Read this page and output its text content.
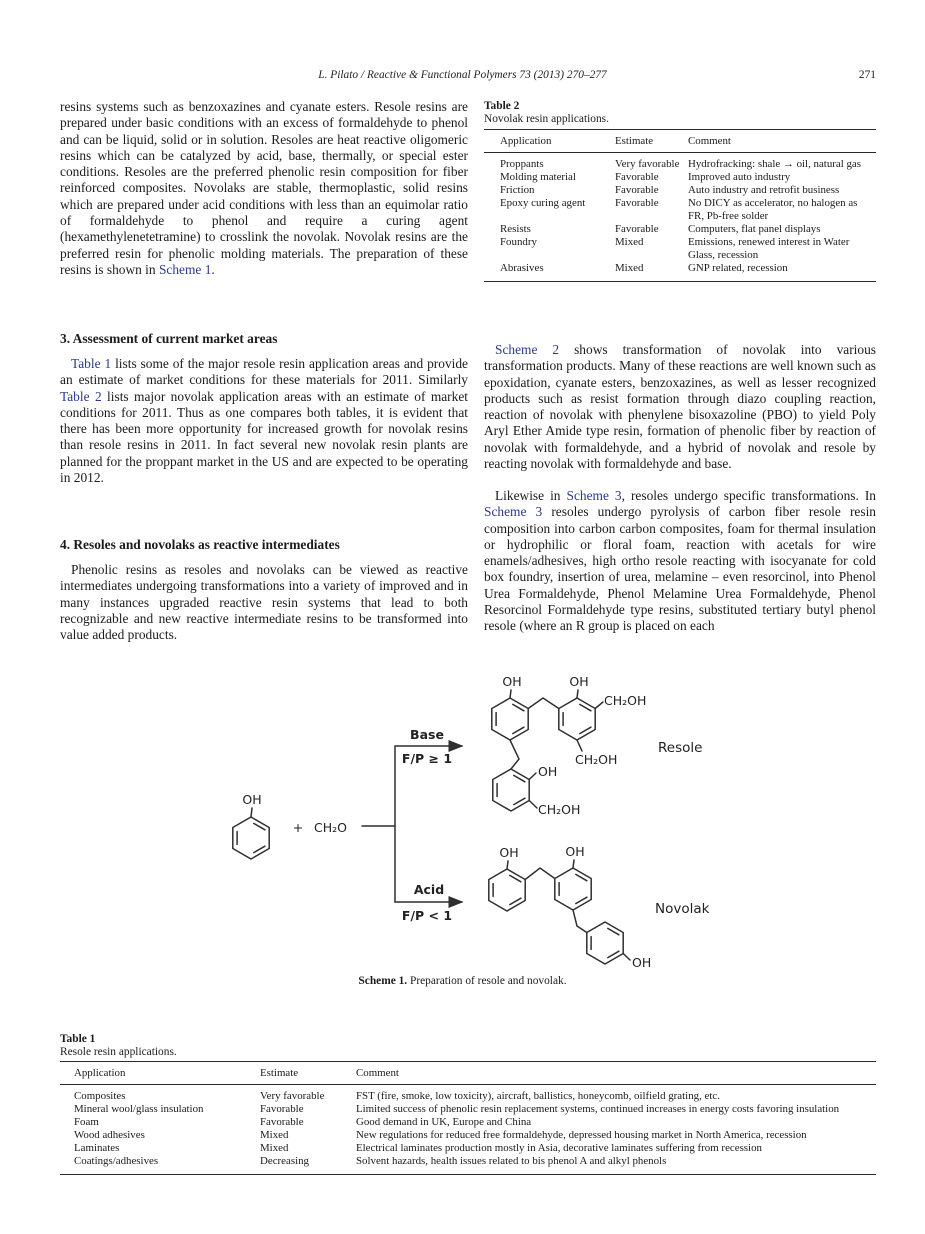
L. Pilato / Reactive & Functional Polymers 73 (2013) 270–277	271

resins systems such as benzoxazines and cyanate esters. Resole resins are prepared under basic conditions with an excess of formaldehyde to phenol and can be liquid, solid or in solution. Resoles are heat reactive oligomeric resins which can be catalyzed by acid, base, thermally, or special ester conditions. Resoles are the preferred phenolic resin composition for fiber reinforced composites. Novolaks are stable, thermoplastic, solid resins which are prepared under acid conditions with less than an equimolar ratio of formaldehyde to phenol and require a curing agent (hexamethylenetetramine) to crosslink the novolak. Novolak resins are the preferred resin for phenolic molding materials. The preparation of these resins is shown in Scheme 1.

3. Assessment of current market areas

Table 1 lists some of the major resole resin application areas and provide an estimate of market conditions for these materials for 2011. Similarly Table 2 lists major novolak application areas with an estimate of market conditions for 2011. Thus as one compares both tables, it is evident that there has been more opportunity for increased growth for novolak resins than resole resins in 2011. In fact several new novolak resin plants are planned for the proppant market in the US and are expected to be operating in 2012.

4. Resoles and novolaks as reactive intermediates

Phenolic resins as resoles and novolaks can be viewed as reactive intermediates undergoing transformations into a variety of improved and in many instances upgraded reactive resin systems that lead to both recognizable and new reactive intermediate resins to be transformed into value added products.

Table 2
Novolak resin applications.
Application	Estimate	Comment
Proppants	Very favorable	Hydrofracking: shale → oil, natural gas
Molding material	Favorable	Improved auto industry
Friction	Favorable	Auto industry and retrofit business
Epoxy curing agent	Favorable	No DICY as accelerator, no halogen as FR, Pb-free solder
Resists	Favorable	Computers, flat panel displays
Foundry	Mixed	Emissions, renewed interest in Water Glass, recession
Abrasives	Mixed	GNP related, recession

Scheme 2 shows transformation of novolak into various transformation products. Many of these reactions are well known such as epoxidation, cyanate esters, benzoxazines, as well as lesser recognized products such as resist formation through diazo coupling reaction, reaction of novolak with phenylene bisoxazoline (PBO) to yield Poly Aryl Ether Amide type resin, formation of phenolic fiber by reaction of novolak with formaldehyde, and a hybrid of novolak and resole by reacting novolak with formaldehyde and base.

Likewise in Scheme 3, resoles undergo specific transformations. In Scheme 3 resoles undergo pyrolysis of carbon fiber resole resin composition into carbon carbon composites, foam for thermal insulation or hydrophilic or floral foam, reaction with acetals for wire enamels/adhesives, high ortho resole reacting with isocyanate for cold box foundry, insertion of urea, melamine – even resorcinol, into Phenol Urea Formaldehyde, Phenol Melamine Urea Formaldehyde, Phenol Resorcinol Formaldehyde type resins, substituted tertiary butyl phenol resole (where an R group is placed on each

OH
+ CH₂O
Base
F/P ≥ 1
Acid
F/P < 1
OH	OH
CH₂OH
CH₂OH
OH
CH₂OH
Resole
OH	OH
OH
Novolak
Scheme 1. Preparation of resole and novolak.
Table 1
Resole resin applications.
Application	Estimate	Comment
Composites	Very favorable	FST (fire, smoke, low toxicity), aircraft, ballistics, honeycomb, oilfield grating, etc.
Mineral wool/glass insulation	Favorable	Limited success of phenolic resin replacement systems, continued increases in energy costs favoring insulation
Foam	Favorable	Good demand in UK, Europe and China
Wood adhesives	Mixed	New regulations for reduced free formaldehyde, depressed housing market in North America, recession
Laminates	Mixed	Electrical laminates production mostly in Asia, decorative laminates suffering from recession
Coatings/adhesives	Decreasing	Solvent hazards, health issues related to bis phenol A and alkyl phenols
